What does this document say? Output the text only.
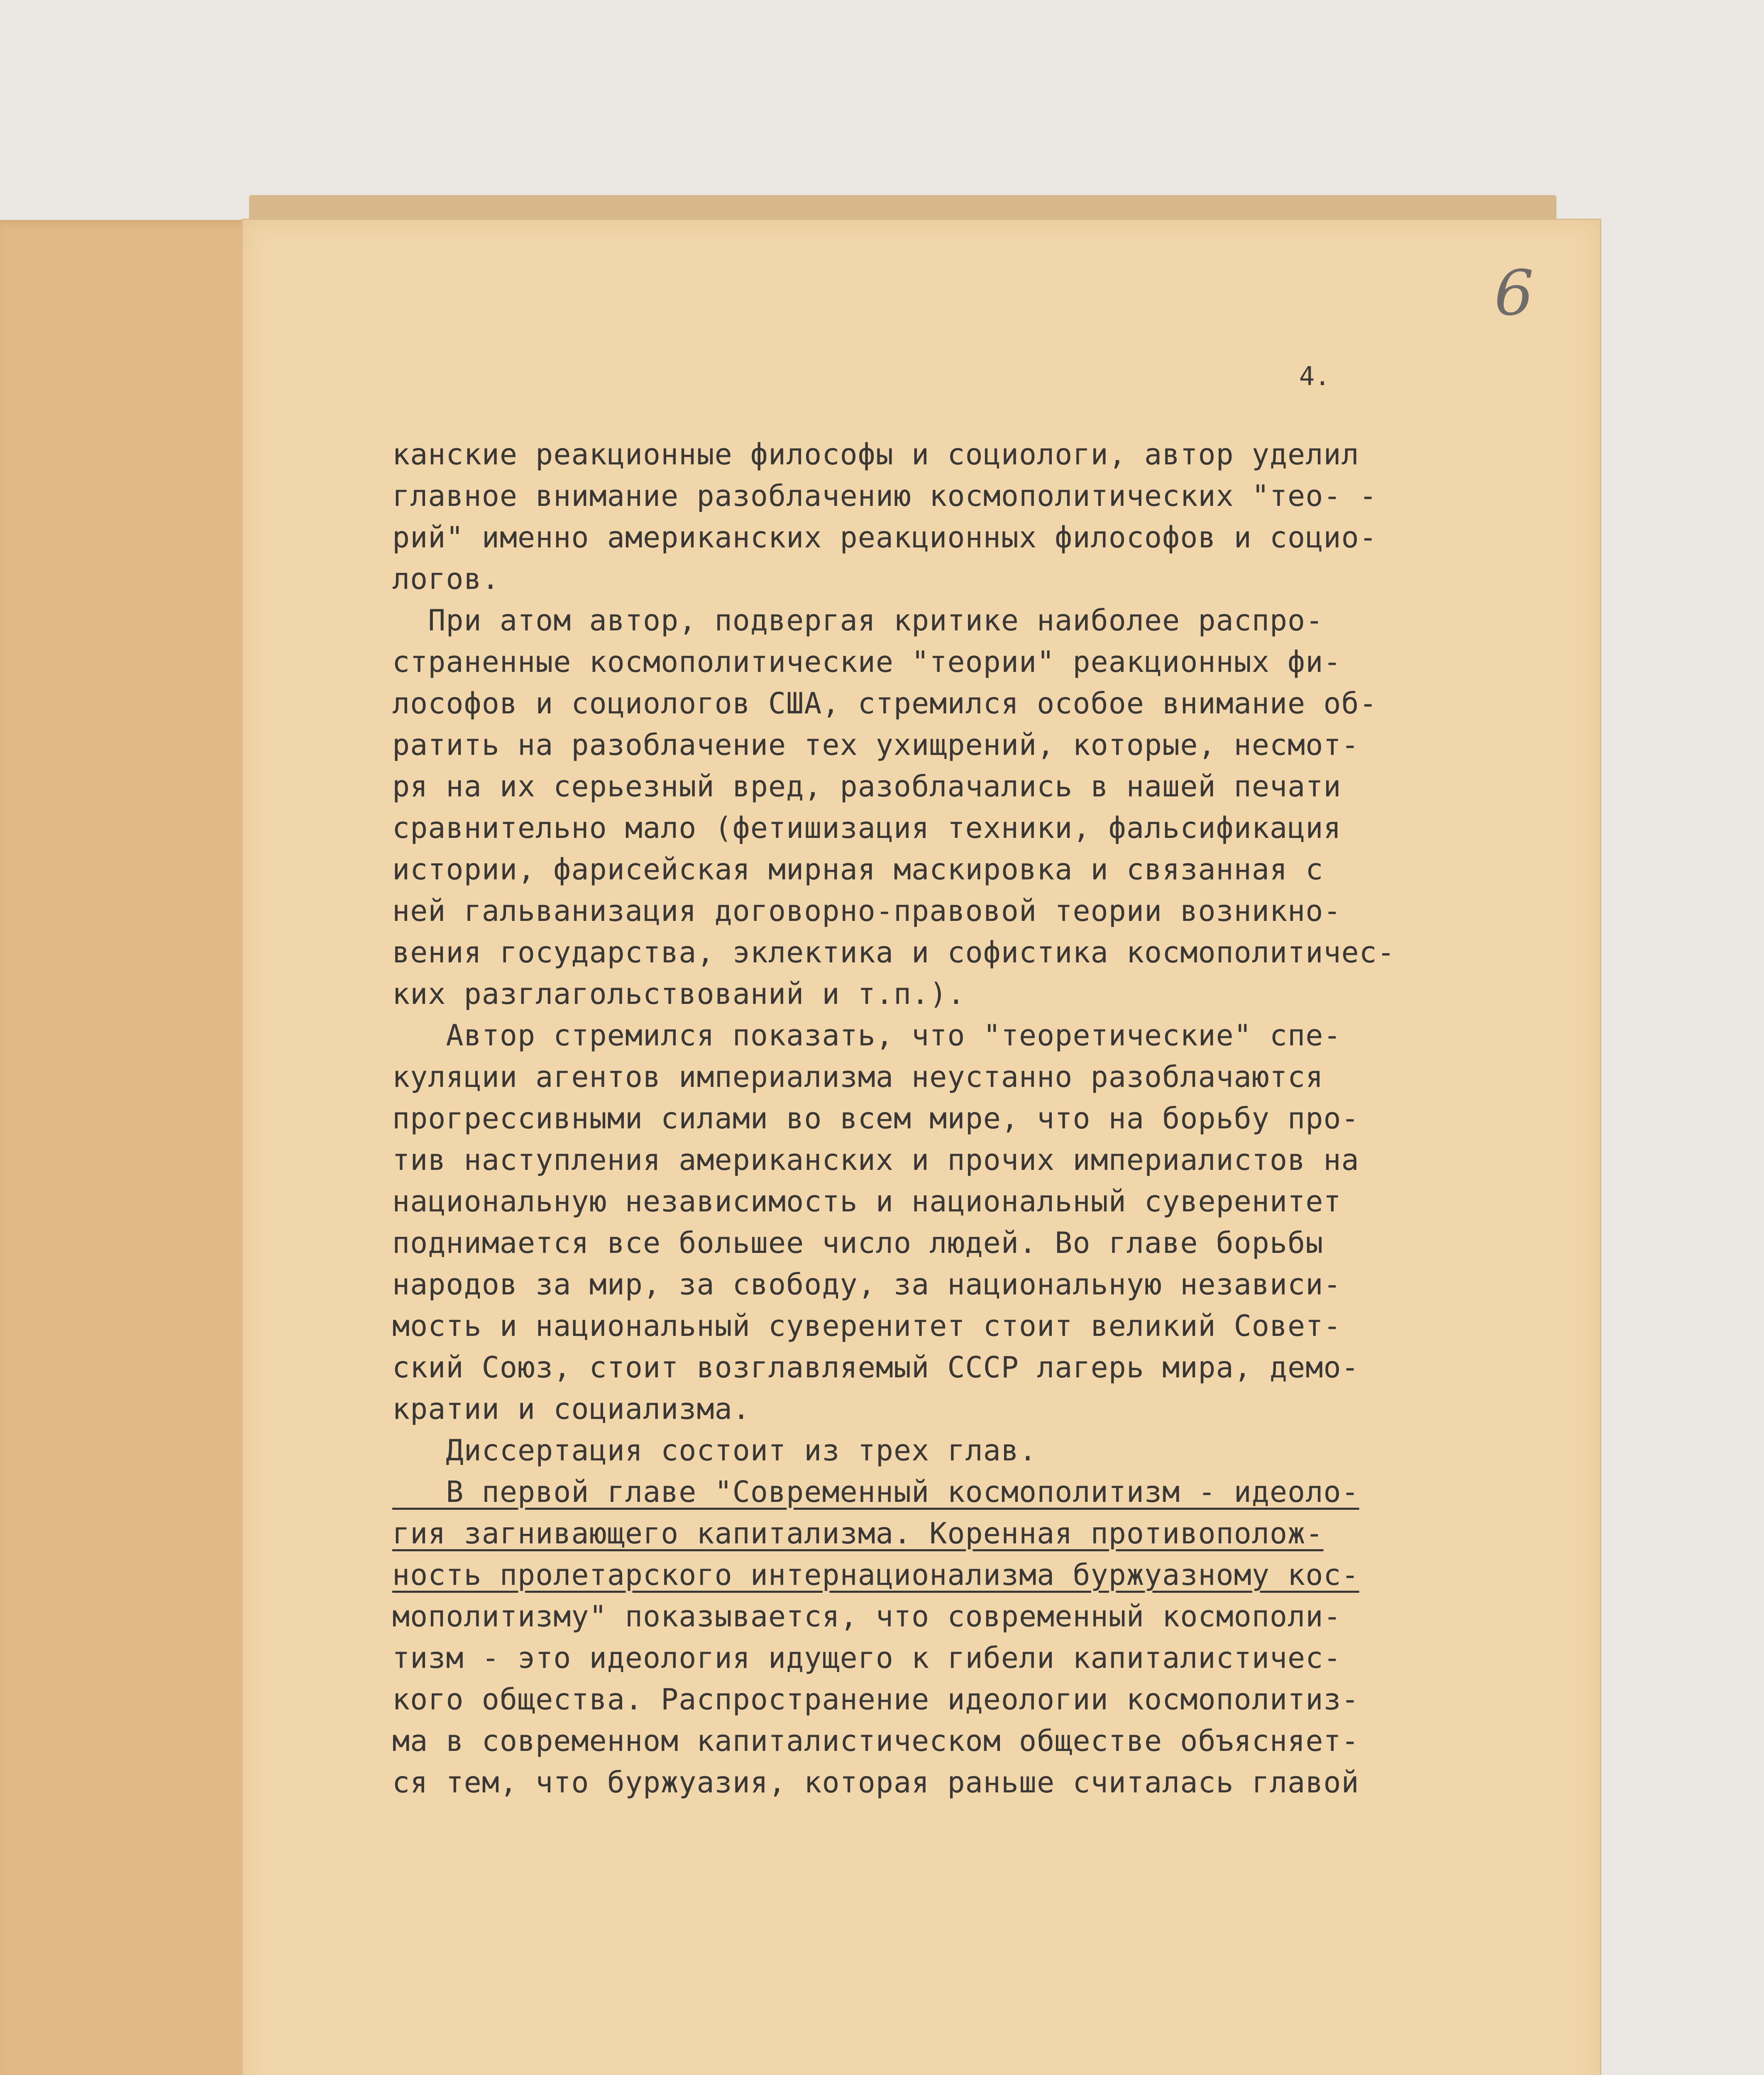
4.
6
канские реакционные философы и социологи, автор уделил
главное внимание разоблачению космополитических "тео- -
рий" именно американских реакционных философов и социо-
логов.
При атом автор, подвергая критике наиболее распро-
страненные космополитические "теории" реакционных фи-
лософов и социологов США, стремился особое внимание об-
ратить на разоблачение тех ухищрений, которые, несмот-
ря на их серьезный вред, разоблачались в нашей печати
сравнительно мало (фетишизация техники, фальсификация
истории, фарисейская мирная маскировка и связанная с
ней гальванизация договорно-правовой теории возникно-
вения государства, эклектика и софистика космополитичес-
ких разглагольствований и т.п.).
Автор стремился показать, что "теоретические" спе-
куляции агентов империализма неустанно разоблачаются
прогрессивными силами во всем мире, что на борьбу про-
тив наступления американских и прочих империалистов на
национальную независимость и национальный суверенитет
поднимается все большее число людей. Во главе борьбы
народов за мир, за свободу, за национальную независи-
мость и национальный суверенитет стоит великий Совет-
ский Союз, стоит возглавляемый СССР лагерь мира, демо-
кратии и социализма.
Диссертация состоит из трех глав.
В первой главе "Современный космополитизм - идеоло-
гия загнивающего капитализма. Коренная противополож-
ность пролетарского интернационализма буржуазному кос-
мополитизму" показывается, что современный космополи-
тизм - это идеология идущего к гибели капиталистичес-
кого общества. Распространение идеологии космополитиз-
ма в современном капиталистическом обществе объясняет-
ся тем, что буржуазия, которая раньше считалась главой
